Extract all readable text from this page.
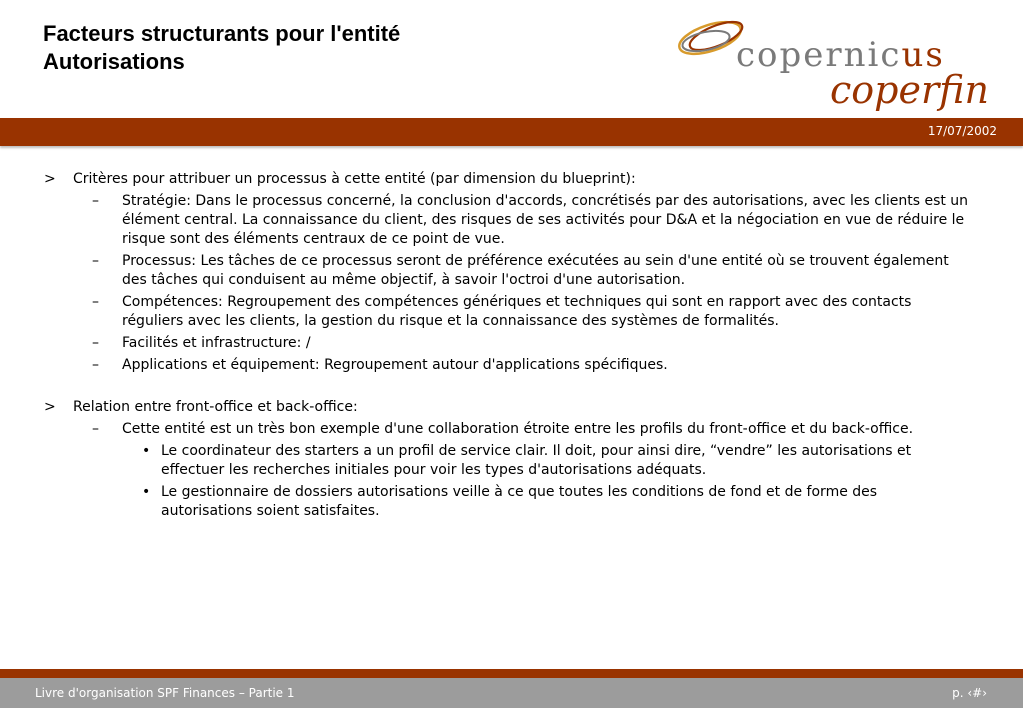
Facteurs structurants pour l'entité
Autorisations	copernicus
coperfin
17/07/2002
> Critères pour attribuer un processus à cette entité (par dimension du blueprint):
– Stratégie: Dans le processus concerné, la conclusion d'accords, concrétisés par des autorisations, avec les clients est un élément central. La connaissance du client, des risques de ses activités pour D&A et la négociation en vue de réduire le risque sont des éléments centraux de ce point de vue.
– Processus: Les tâches de ce processus seront de préférence exécutées au sein d'une entité où se trouvent également des tâches qui conduisent au même objectif, à savoir l'octroi d'une autorisation.
– Compétences: Regroupement des compétences génériques et techniques qui sont en rapport avec des contacts réguliers avec les clients, la gestion du risque et la connaissance des systèmes de formalités.
– Facilités et infrastructure: /
– Applications et équipement: Regroupement autour d'applications spécifiques.
> Relation entre front-office et back-office:
– Cette entité est un très bon exemple d'une collaboration étroite entre les profils du front-office et du back-office.
• Le coordinateur des starters a un profil de service clair. Il doit, pour ainsi dire, “vendre” les autorisations et effectuer les recherches initiales pour voir les types d'autorisations adéquats.
• Le gestionnaire de dossiers autorisations veille à ce que toutes les conditions de fond et de forme des autorisations soient satisfaites.
Livre d'organisation SPF Finances – Partie 1	p. ‹#›
